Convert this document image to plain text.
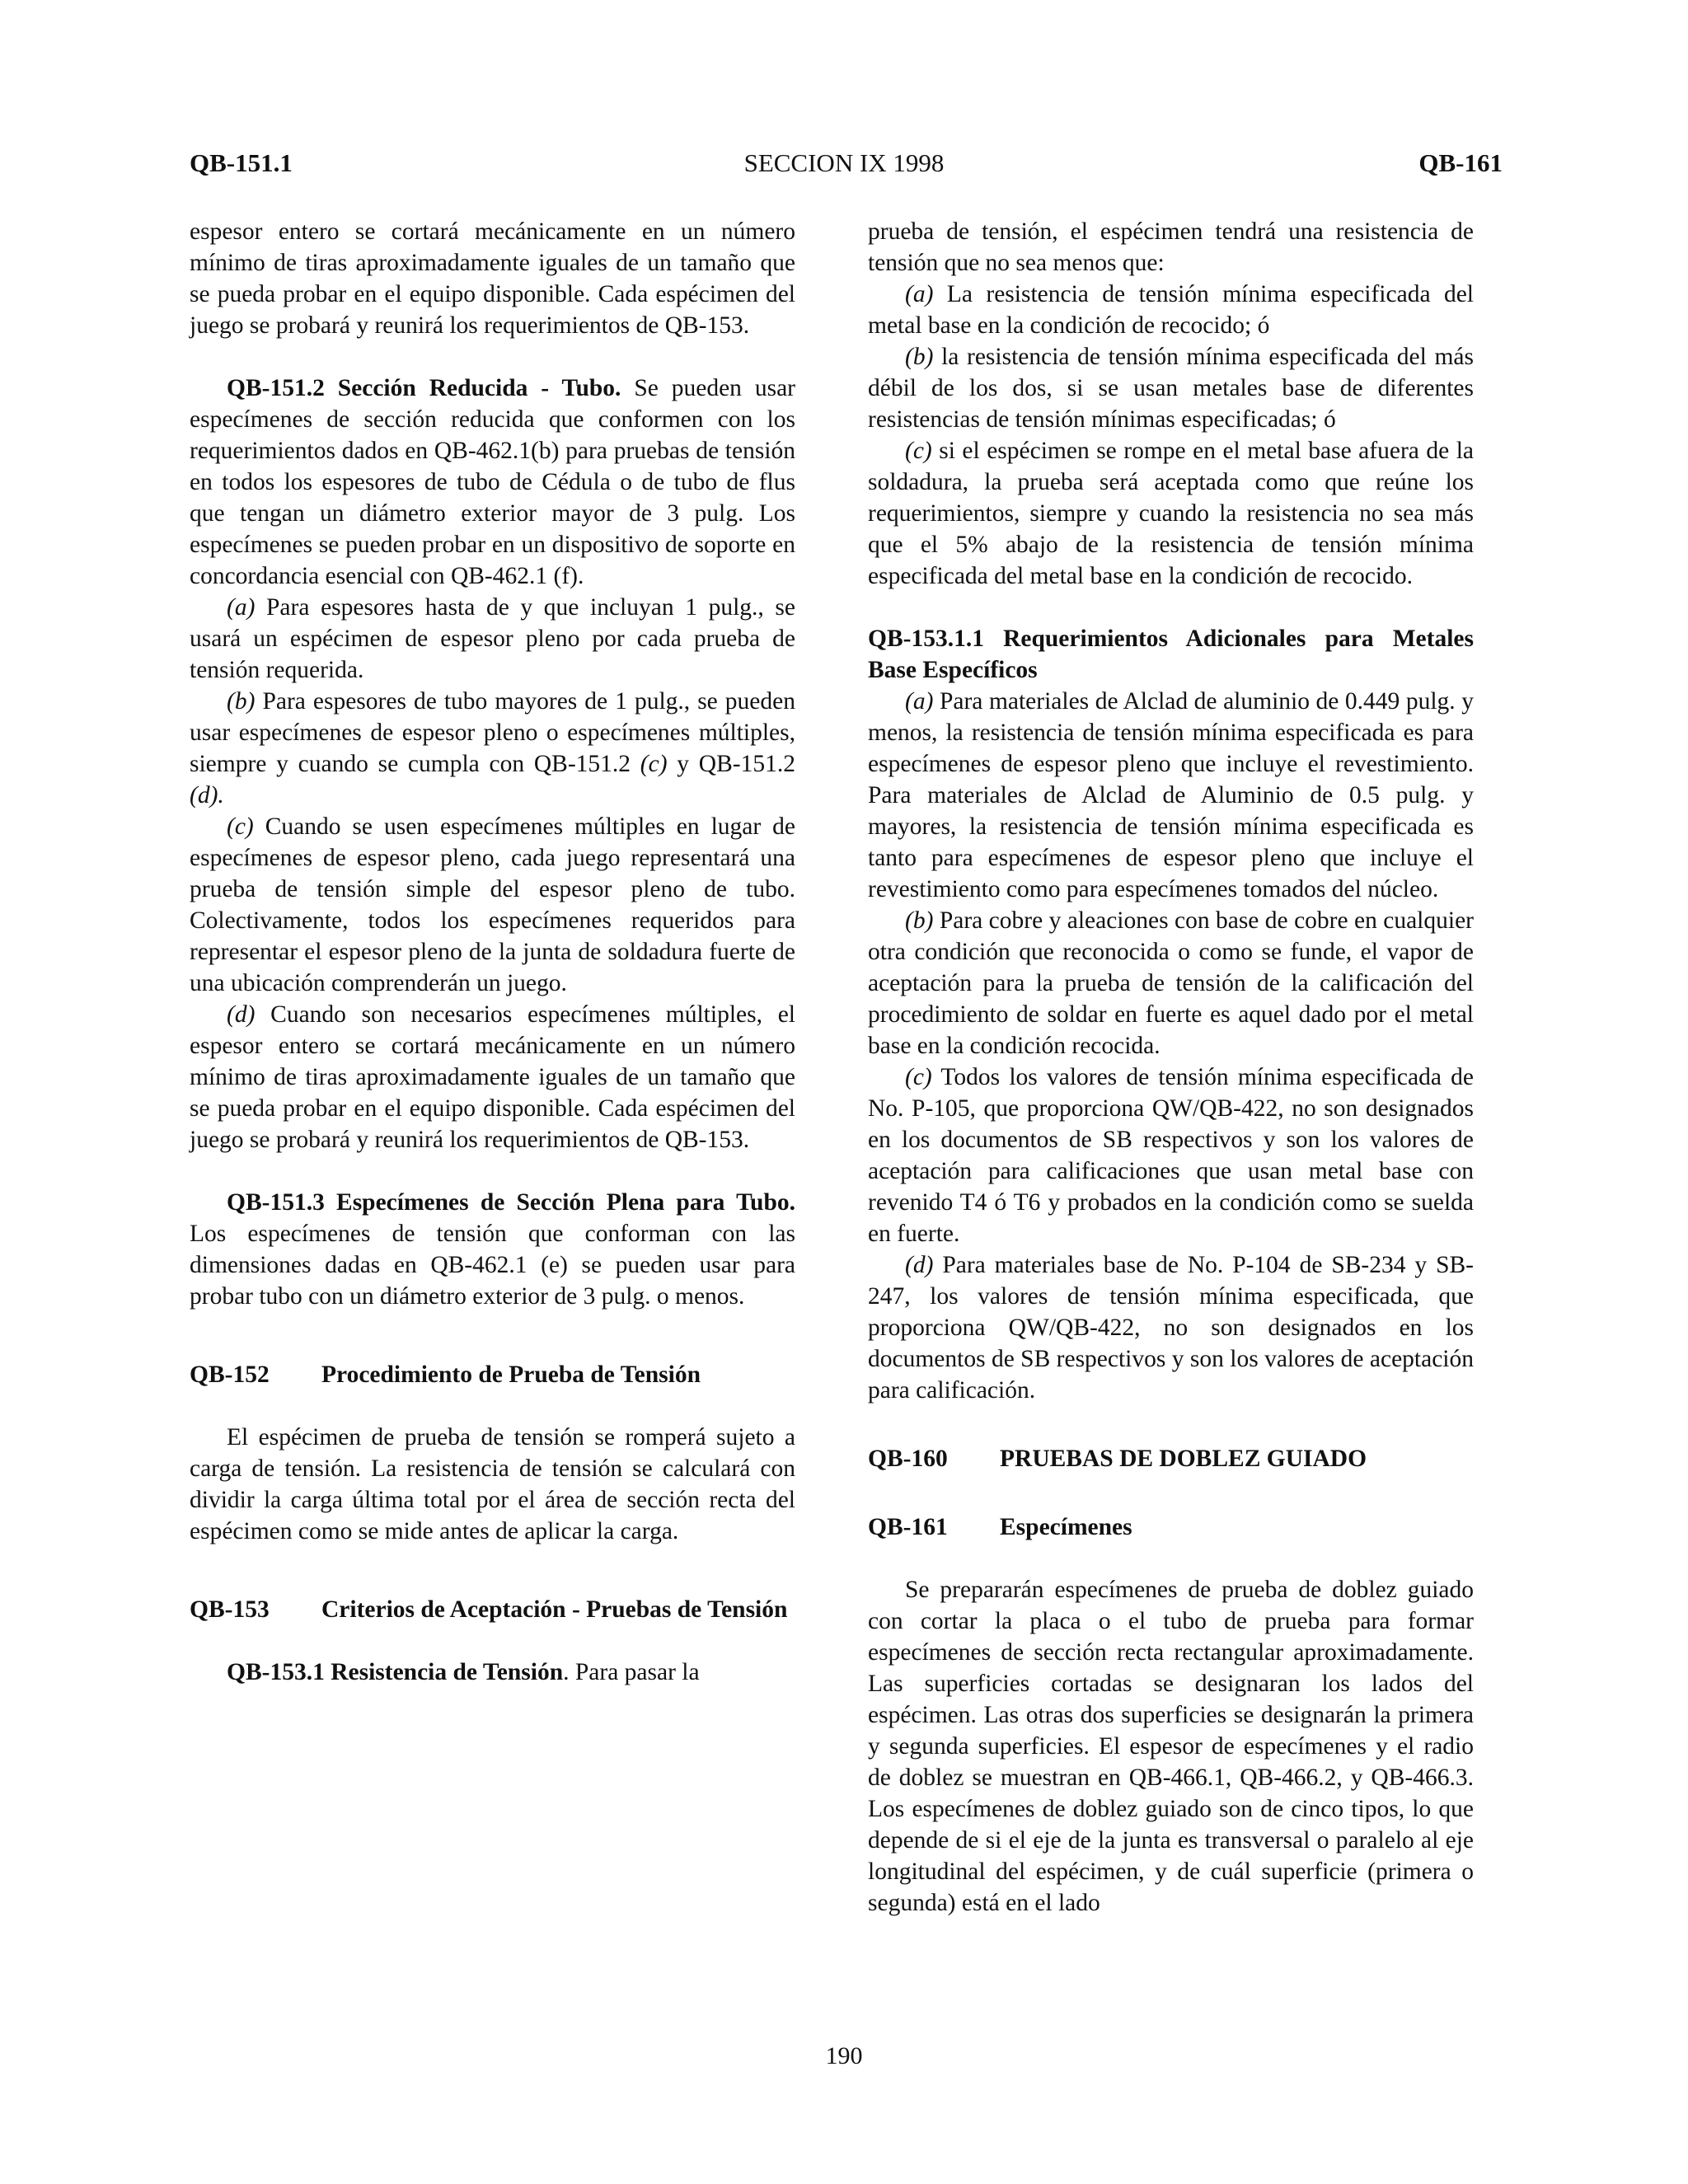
QB-151.1	SECCION IX 1998	QB-161

espesor entero se cortará mecánicamente en un número mínimo de tiras aproximadamente iguales de un tamaño que se pueda probar en el equipo disponible. Cada espécimen del juego se probará y reunirá los requerimientos de QB-153.

QB-151.2 Sección Reducida - Tubo. Se pueden usar especímenes de sección reducida que conformen con los requerimientos dados en QB-462.1(b) para pruebas de tensión en todos los espesores de tubo de Cédula o de tubo de flus que tengan un diámetro exterior mayor de 3 pulg. Los especímenes se pueden probar en un dispositivo de soporte en concordancia esencial con QB-462.1 (f).

(a) Para espesores hasta de y que incluyan 1 pulg., se usará un espécimen de espesor pleno por cada prueba de tensión requerida.

(b) Para espesores de tubo mayores de 1 pulg., se pueden usar especímenes de espesor pleno o especímenes múltiples, siempre y cuando se cumpla con QB-151.2 (c) y QB-151.2 (d).

(c) Cuando se usen especímenes múltiples en lugar de especímenes de espesor pleno, cada juego representará una prueba de tensión simple del espesor pleno de tubo. Colectivamente, todos los especímenes requeridos para representar el espesor pleno de la junta de soldadura fuerte de una ubicación comprenderán un juego.

(d) Cuando son necesarios especímenes múltiples, el espesor entero se cortará mecánicamente en un número mínimo de tiras aproximadamente iguales de un tamaño que se pueda probar en el equipo disponible. Cada espécimen del juego se probará y reunirá los requerimientos de QB-153.

QB-151.3 Especímenes de Sección Plena para Tubo. Los especímenes de tensión que conforman con las dimensiones dadas en QB-462.1 (e) se pueden usar para probar tubo con un diámetro exterior de 3 pulg. o menos.

QB-152	Procedimiento de Prueba de Tensión

El espécimen de prueba de tensión se romperá sujeto a carga de tensión. La resistencia de tensión se calculará con dividir la carga última total por el área de sección recta del espécimen como se mide antes de aplicar la carga.

QB-153	Criterios de Aceptación - Pruebas de Tensión

QB-153.1 Resistencia de Tensión. Para pasar la

prueba de tensión, el espécimen tendrá una resistencia de tensión que no sea menos que:

(a) La resistencia de tensión mínima especificada del metal base en la condición de recocido; ó

(b) la resistencia de tensión mínima especificada del más débil de los dos, si se usan metales base de diferentes resistencias de tensión mínimas especificadas; ó

(c) si el espécimen se rompe en el metal base afuera de la soldadura, la prueba será aceptada como que reúne los requerimientos, siempre y cuando la resistencia no sea más que el 5% abajo de la resistencia de tensión mínima especificada del metal base en la condición de recocido.

QB-153.1.1 Requerimientos Adicionales para Metales Base Específicos

(a) Para materiales de Alclad de aluminio de 0.449 pulg. y menos, la resistencia de tensión mínima especificada es para especímenes de espesor pleno que incluye el revestimiento. Para materiales de Alclad de Aluminio de 0.5 pulg. y mayores, la resistencia de tensión mínima especificada es tanto para especímenes de espesor pleno que incluye el revestimiento como para especímenes tomados del núcleo.

(b) Para cobre y aleaciones con base de cobre en cualquier otra condición que reconocida o como se funde, el vapor de aceptación para la prueba de tensión de la calificación del procedimiento de soldar en fuerte es aquel dado por el metal base en la condición recocida.

(c) Todos los valores de tensión mínima especificada de No. P-105, que proporciona QW/QB-422, no son designados en los documentos de SB respectivos y son los valores de aceptación para calificaciones que usan metal base con revenido T4 ó T6 y probados en la condición como se suelda en fuerte.

(d) Para materiales base de No. P-104 de SB-234 y SB-247, los valores de tensión mínima especificada, que proporciona QW/QB-422, no son designados en los documentos de SB respectivos y son los valores de aceptación para calificación.

QB-160	PRUEBAS DE DOBLEZ GUIADO
QB-161	Especímenes

Se prepararán especímenes de prueba de doblez guiado con cortar la placa o el tubo de prueba para formar especímenes de sección recta rectangular aproximadamente. Las superficies cortadas se designaran los lados del espécimen. Las otras dos superficies se designarán la primera y segunda superficies. El espesor de especímenes y el radio de doblez se muestran en QB-466.1, QB-466.2, y QB-466.3. Los especímenes de doblez guiado son de cinco tipos, lo que depende de si el eje de la junta es transversal o paralelo al eje longitudinal del espécimen, y de cuál superficie (primera o segunda) está en el lado

190
